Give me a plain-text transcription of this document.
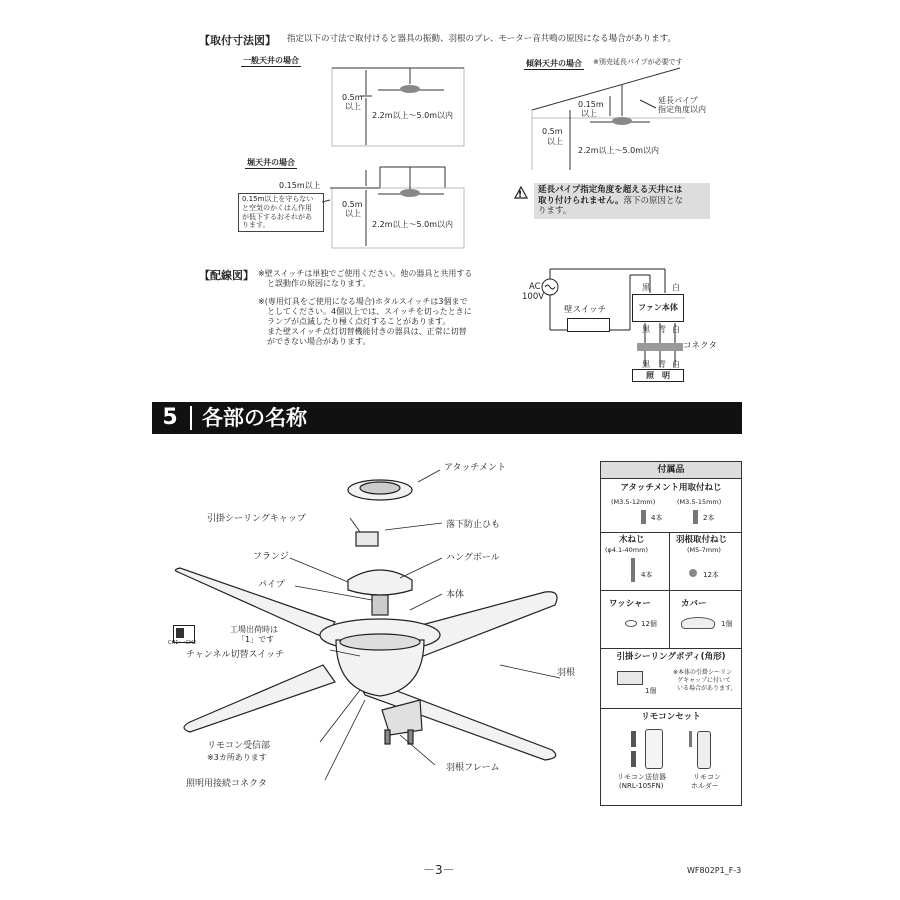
【取付寸法図】 指定以下の寸法で取付けると器具の振動、羽根のブレ、モーター音共鳴の原因になる場合があります。
一般天井の場合	傾斜天井の場合 ※別売延長パイプが必要です
堀天井の場合
!
0.5m
以上
2.2m以上～5.0m以内
0.15m以上
0.5m
以上
2.2m以上～5.0m以内
0.15m以上を守らない
と空気のかくはん作用
が低下するおそれがあ
ります。
0.15m
以上
延長パイプ
指定角度以内
0.5m
以上
2.2m以上～5.0m以内
延長パイプ指定角度を超える天井には
取り付けられません。落下の原因とな
ります。
【配線図】 ※壁スイッチは単独でご使用ください。他の器具と共用する
と誤動作の原因になります。
※(専用灯具をご使用になる場合)ホタルスイッチは3個まで
としてください。4個以上では、スイッチを切ったときに
ランプが点滅したり極く点灯することがあります。
また壁スイッチ点灯切替機能付きの器具は、正常に切替
ができない場合があります。
AC
100V
壁スイッチ
黒	白
ファン本体
黒 青 白
コネクタ
黒 青 白
照　明
5	各部の名称
アタッチメント
引掛シーリングキャップ
落下防止ひも
フランジ	ハングボール
パイプ
本体
羽根
CH1⟷CH2
工場出荷時は
「1」です
チャンネル切替スイッチ
リモコン受信部
※3カ所あります
羽根フレーム
照明用接続コネクタ
付属品
アタッチメント用取付ねじ
(M3.5-12mm)	(M3.5-15mm)
4本	2本
木ねじ
(φ4.1-40mm)
4本
羽根取付ねじ
(M5-7mm)
12本
ワッシャー
12個
カバー
1個
引掛シーリングボディ(角形)
1個
※本体の引掛シーリン
グキャップに付いて
いる場合があります。
リモコンセット
リモコン送信器
(NRL-105FN)
リモコン
ホルダー
－3－	WF802P1_F-3
